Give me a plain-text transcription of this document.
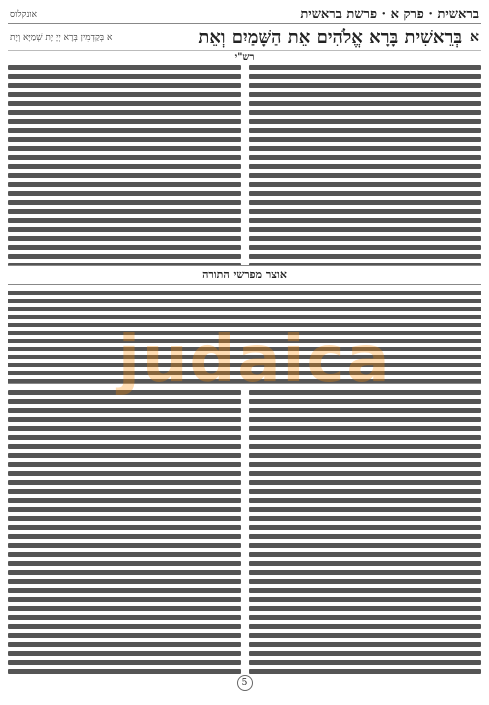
בראשית · פרק א · פרשת בראשית
אונקלוס
א
בְּרֵאשִׁית בָּרָא אֱלֹהִים אֵת הַשָּׁמַיִם וְאֵת
א בְּקַדְמִין בְּרָא יְיָ יָת שְׁמַיָּא וְיָת
רש"י
אוצר מפרשי התורה
judaica
5
